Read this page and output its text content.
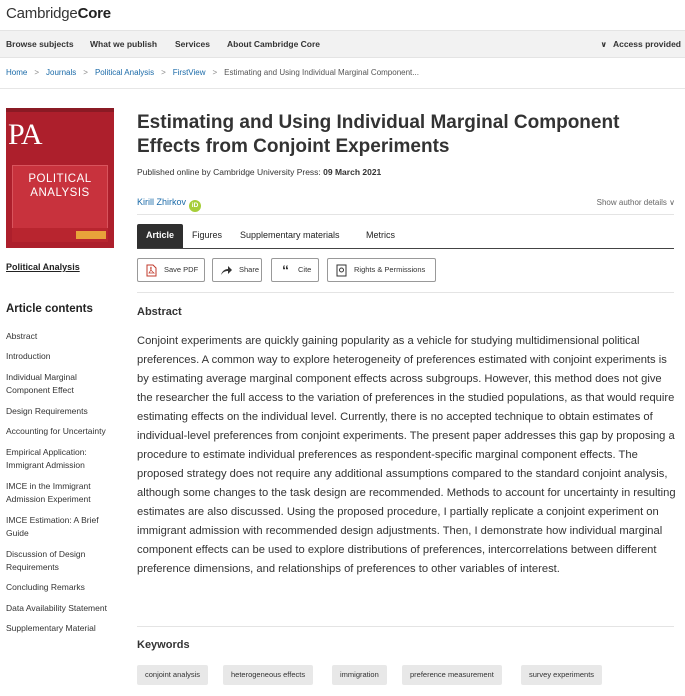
CambridgeCore
Browse subjects What we publish Services About Cambridge Core	∨ Access provided
Home > Journals > Political Analysis > FirstView > Estimating and Using Individual Marginal Component...
PA
POLITICAL
ANALYSIS
Political Analysis
Article contents
Abstract
Introduction
Individual Marginal Component Effect
Design Requirements
Accounting for Uncertainty
Empirical Application: Immigrant Admission
IMCE in the Immigrant Admission Experiment
IMCE Estimation: A Brief Guide
Discussion of Design Requirements
Concluding Remarks
Data Availability Statement
Supplementary Material
Estimating and Using Individual Marginal Component Effects from Conjoint Experiments
Published online by Cambridge University Press: 09 March 2021
Kirill Zhirkov iD	Show author details ∨
Article	Figures Supplementary materials	Metrics
Save PDF	Share “	Cite	Rights & Permissions
Abstract

Conjoint experiments are quickly gaining popularity as a vehicle for studying multidimensional political preferences. A common way to explore heterogeneity of preferences estimated with conjoint experiments is by estimating average marginal component effects across subgroups. However, this method does not give the researcher the full access to the variation of preferences in the studied populations, as that would require estimating effects on the individual level. Currently, there is no accepted technique to obtain estimates of individual-level preferences from conjoint experiments. The present paper addresses this gap by proposing a procedure to estimate individual preferences as respondent-specific marginal component effects. The proposed strategy does not require any additional assumptions compared to the standard conjoint analysis, although some changes to the task design are recommended. Methods to account for uncertainty in resulting estimates are also discussed. Using the proposed procedure, I partially replicate a conjoint experiment on immigrant admission with recommended design adjustments. Then, I demonstrate how individual marginal component effects can be used to explore distributions of preferences, intercorrelations between different preference dimensions, and relationships of preferences to other variables of interest.

Keywords
conjoint analysis	heterogeneous effects	immigration	preference measurement	survey experiments
